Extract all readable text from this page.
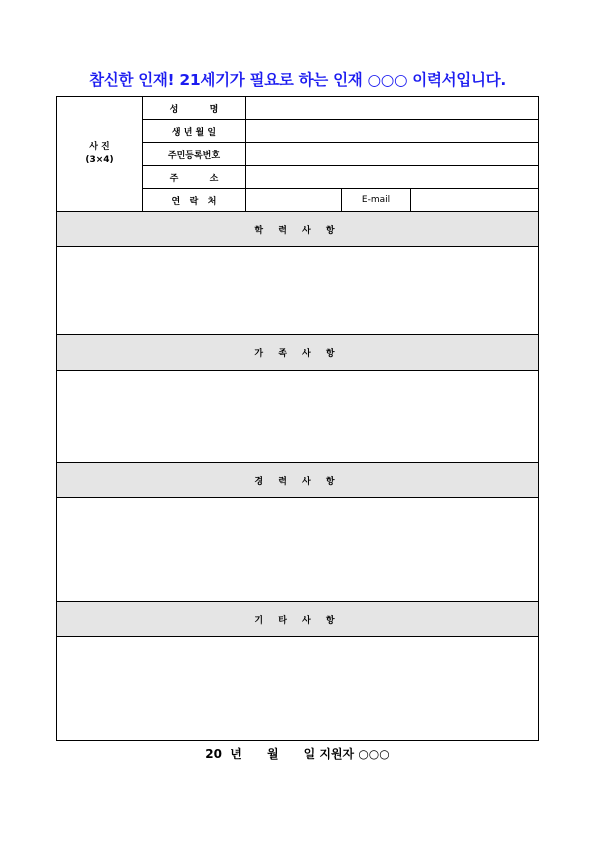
참신한 인재! 21세기가 필요로 하는 인재 ○○○ 이력서입니다.
사 진
(3×4)
성          명
생 년 월 일
주민등록번호
주          소
연   락   처	E-mail
학 력 사 항
가 족 사 항
경 력 사 항
기 타 사 항
20  년      월      일 지원자 ○○○
